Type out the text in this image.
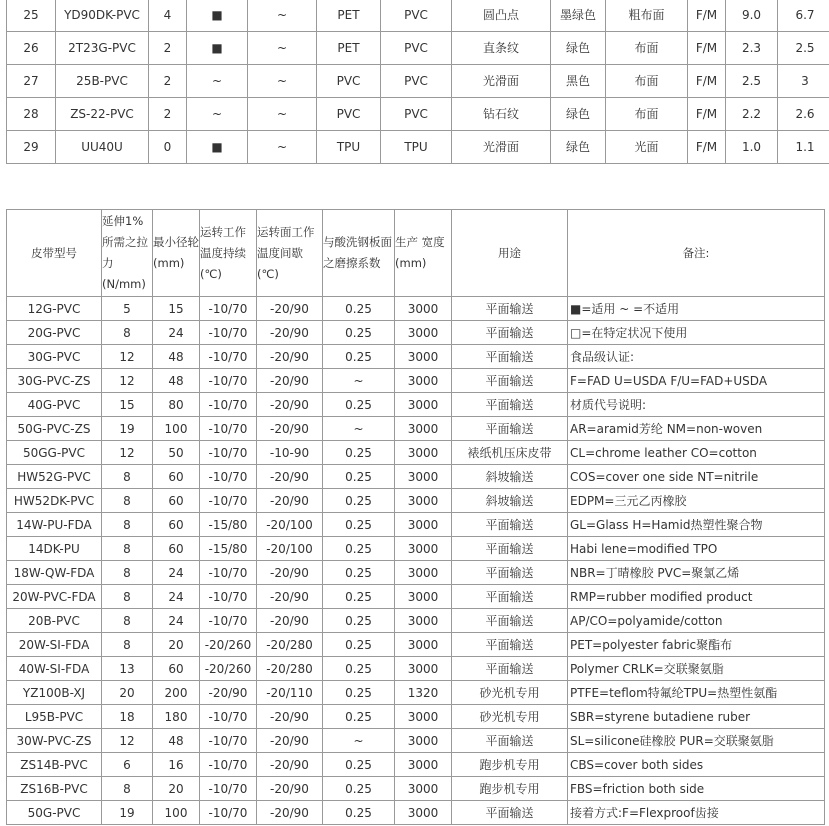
25	YD90DK-PVC	4	■	~	PET	PVC	圆凸点	墨绿色	粗布面	F/M	9.0	6.7
26	2T23G-PVC	2	■	~	PET	PVC	直条纹	绿色	布面	F/M	2.3	2.5
27	25B-PVC	2	~	~	PVC	PVC	光滑面	黑色	布面	F/M	2.5	3
28	ZS-22-PVC	2	~	~	PVC	PVC	钻石纹	绿色	布面	F/M	2.2	2.6
29	UU40U	0	■	~	TPU	TPU	光滑面	绿色	光面	F/M	1.0	1.1
皮带型号	延伸1%所需之拉力(N/mm)	最小径轮(mm)	运转工作温度持续(℃)	运转面工作温度间歇(℃)	与酸洗钢板面之磨擦系数	生产 宽度(mm)	用途	备注:
12G-PVC	5	15	-10/70	-20/90	0.25	3000	平面输送	■=适用 ~ =不适用
20G-PVC	8	24	-10/70	-20/90	0.25	3000	平面输送	□=在特定状况下使用
30G-PVC	12	48	-10/70	-20/90	0.25	3000	平面输送	食品级认证:
30G-PVC-ZS	12	48	-10/70	-20/90	~	3000	平面输送	F=FAD U=USDA F/U=FAD+USDA
40G-PVC	15	80	-10/70	-20/90	0.25	3000	平面输送	材质代号说明:
50G-PVC-ZS	19	100	-10/70	-20/90	~	3000	平面输送	AR=aramid芳纶 NM=non-woven
50GG-PVC	12	50	-10/70	-10-90	0.25	3000	裱纸机压床皮带	CL=chrome leather CO=cotton
HW52G-PVC	8	60	-10/70	-20/90	0.25	3000	斜坡输送	COS=cover one side NT=nitrile
HW52DK-PVC	8	60	-10/70	-20/90	0.25	3000	斜坡输送	EDPM=三元乙丙橡胶
14W-PU-FDA	8	60	-15/80	-20/100	0.25	3000	平面输送	GL=Glass H=Hamid热塑性聚合物
14DK-PU	8	60	-15/80	-20/100	0.25	3000	平面输送	Habi lene=modified TPO
18W-QW-FDA	8	24	-10/70	-20/90	0.25	3000	平面输送	NBR=丁晴橡胶 PVC=聚氯乙烯
20W-PVC-FDA	8	24	-10/70	-20/90	0.25	3000	平面输送	RMP=rubber modified product
20B-PVC	8	24	-10/70	-20/90	0.25	3000	平面输送	AP/CO=polyamide/cotton
20W-SI-FDA	8	20	-20/260	-20/280	0.25	3000	平面输送	PET=polyester fabric聚酯布
40W-SI-FDA	13	60	-20/260	-20/280	0.25	3000	平面输送	Polymer CRLK=交联聚氨脂
YZ100B-XJ	20	200	-20/90	-20/110	0.25	1320	砂光机专用	PTFE=teflom特氟纶TPU=热塑性氨酯
L95B-PVC	18	180	-10/70	-20/90	0.25	3000	砂光机专用	SBR=styrene butadiene ruber
30W-PVC-ZS	12	48	-10/70	-20/90	~	3000	平面输送	SL=silicone硅橡胶 PUR=交联聚氨脂
ZS14B-PVC	6	16	-10/70	-20/90	0.25	3000	跑步机专用	CBS=cover both sides
ZS16B-PVC	8	20	-10/70	-20/90	0.25	3000	跑步机专用	FBS=friction both side
50G-PVC	19	100	-10/70	-20/90	0.25	3000	平面输送	接着方式:F=Flexproof齿接
